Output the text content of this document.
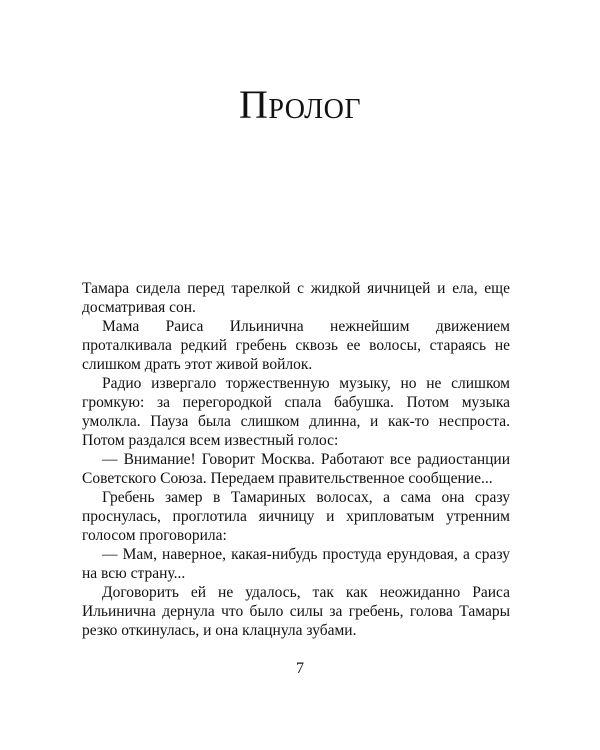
Пролог

Тамара сидела перед тарелкой с жидкой яичницей и ела, еще досматривая сон.

Мама Раиса Ильинична нежнейшим движением проталкивала редкий гребень сквозь ее волосы, стараясь не слишком драть этот живой войлок.

Радио извергало торжественную музыку, но не слишком громкую: за перегородкой спала бабушка. Потом музыка умолкла. Пауза была слишком длинна, и как-то неспроста. Потом раздался всем известный голос:

— Внимание! Говорит Москва. Работают все радиостанции Советского Союза. Передаем правительственное сообщение...

Гребень замер в Тамариных волосах, а сама она сразу проснулась, проглотила яичницу и хрипловатым утренним голосом проговорила:

— Мам, наверное, какая-нибудь простуда ерундовая, а сразу на всю страну...

Договорить ей не удалось, так как неожиданно Раиса Ильинична дернула что было силы за гребень, голова Тамары резко откинулась, и она клацнула зубами.

7
